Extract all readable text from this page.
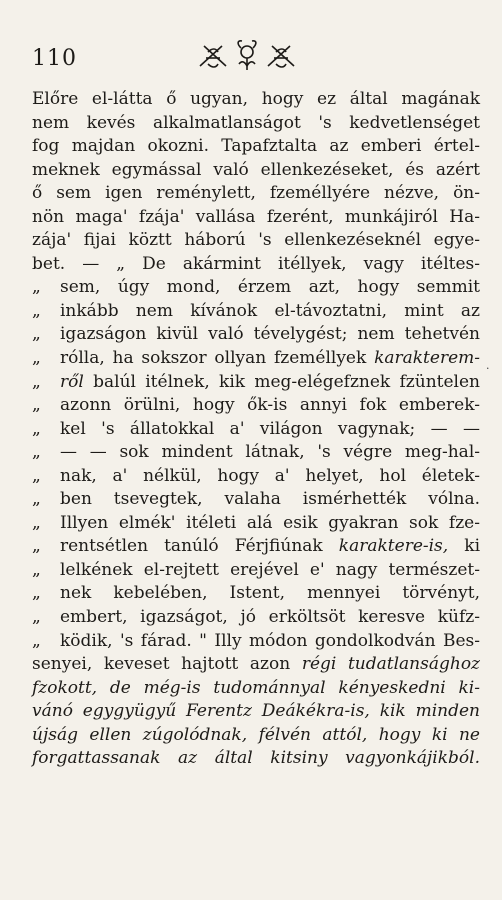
110
Előre el-látta ő ugyan, hogy ez által magának
nem kevés alkalmatlanságot 's kedvetlenséget
fog majdan okozni. Tapafztalta az emberi értel-
meknek egymással való ellenkezéseket, és azért
ő sem igen reménylett, fzeméllyére nézve, ön-
nön maga' fzája' vallása fzerént, munkájiról Ha-
zája' fijai köztt háború 's ellenkezéseknél egye-
bet. — „ De akármint itéllyek, vagy itéltes-
„ sem, úgy mond, érzem azt, hogy semmit
„ inkább nem kívánok el-távoztatni, mint az
„ igazságon kivül való tévelygést; nem tehetvén
„ rólla, ha sokszor ollyan fzeméllyek karakterem-
„ ről balúl itélnek, kik meg-elégefznek fzüntelen
„ azonn örülni, hogy ők-is annyi fok emberek-
„ kel 's állatokkal a' világon vagynak; — —
„ — — sok mindent látnak, 's végre meg-hal-
„ nak, a' nélkül, hogy a' helyet, hol életek-
„ ben tsevegtek, valaha ismérhették vólna.
„ Illyen elmék' itéleti alá esik gyakran sok fze-
„ rentsétlen tanúló Férjfiúnak karaktere-is, ki
„ lelkének el-rejtett erejével e' nagy természet-
„ nek kebelében, Istent, mennyei törvényt,
„ embert, igazságot, jó erköltsöt keresve küfz-
„ ködik, 's fárad. " Illy módon gondolkodván Bes-
senyei, keveset hajtott azon régi tudatlansághoz
fzokott, de még-is tudománnyal kényeskedni ki-
vánó egygyügyű Ferentz Deákékra-is, kik minden
újság ellen zúgolódnak, félvén attól, hogy ki ne
forgattassanak az által kitsiny vagyonkájikból.
·
